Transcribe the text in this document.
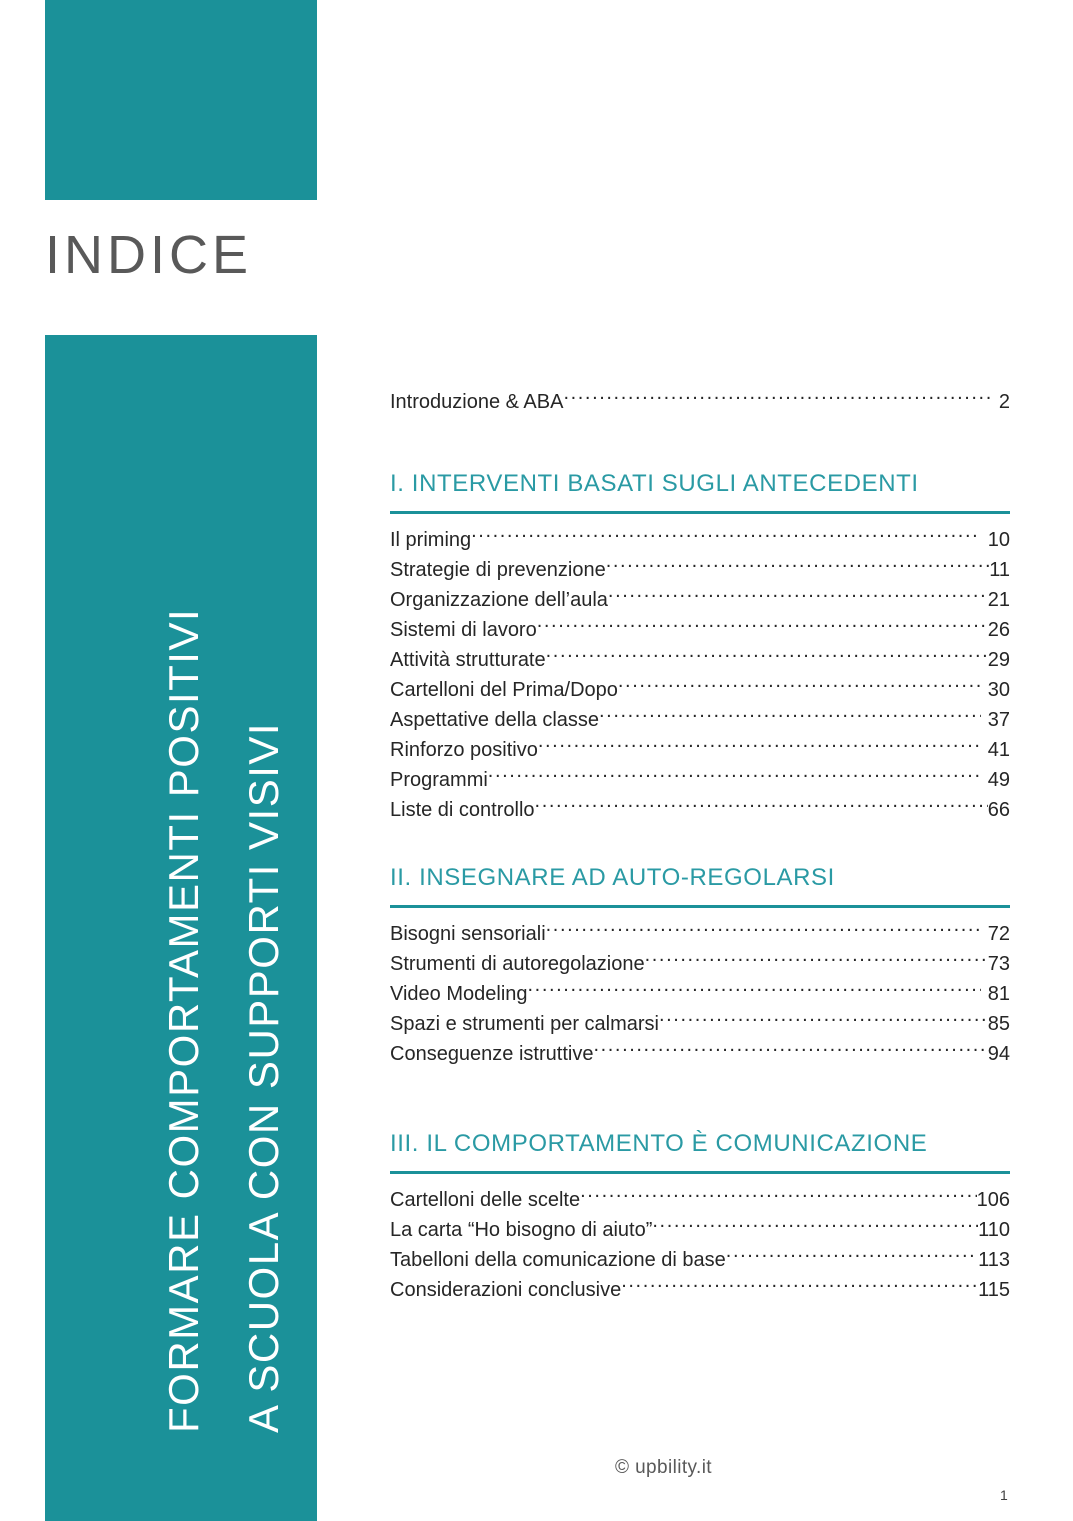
INDICE
FORMARE COMPORTAMENTI POSITIVI A SCUOLA CON SUPPORTI VISIVI
Introduzione & ABA .....	2
I. INTERVENTI BASATI SUGLI ANTECEDENTI
Il priming .....	10
Strategie di prevenzione .....	11
Organizzazione dell’aula .....	21
Sistemi di lavoro .....	26
Attività strutturate .....	29
Cartelloni del Prima/Dopo .....	30
Aspettative della classe .....	37
Rinforzo positivo .....	41
Programmi .....	49
Liste di controllo .....	66
II. INSEGNARE AD AUTO-REGOLARSI
Bisogni sensoriali .....	72
Strumenti di autoregolazione .....	73
Video Modeling .....	81
Spazi e strumenti per calmarsi .....	85
Conseguenze istruttive .....	94
III. IL COMPORTAMENTO È COMUNICAZIONE
Cartelloni delle scelte .....	106
La carta “Ho bisogno di aiuto” .....	110
Tabelloni della comunicazione di base .....	113
Considerazioni conclusive .....	115
© upbility.it
1
